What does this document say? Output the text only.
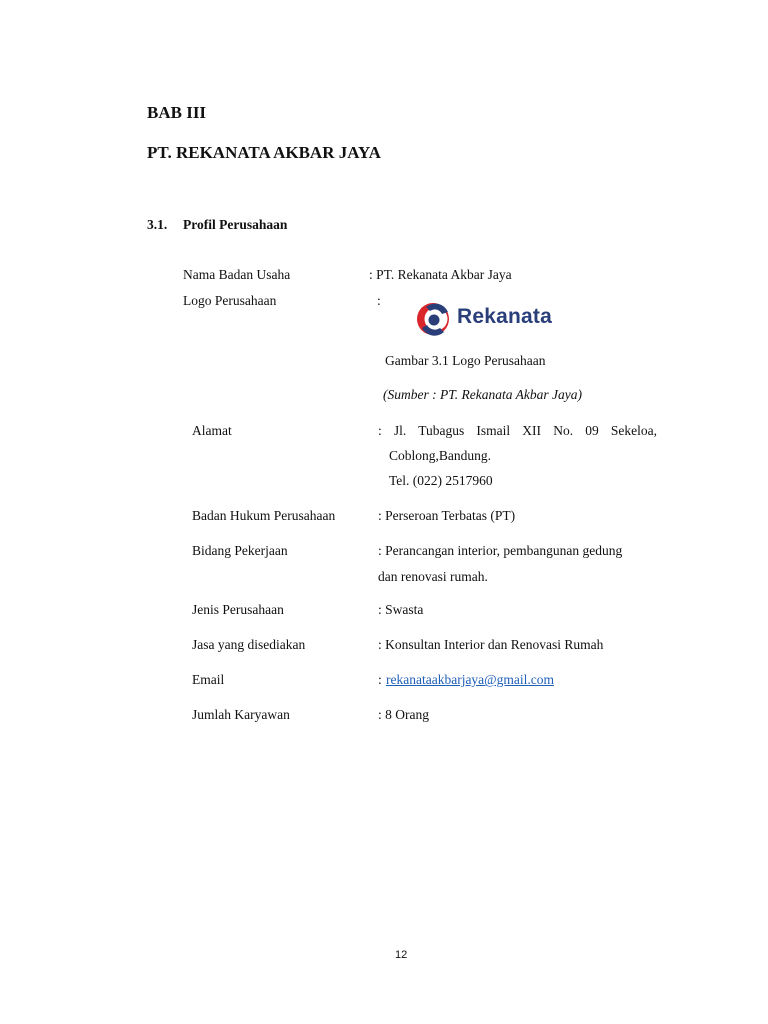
BAB III
PT. REKANATA AKBAR JAYA
3.1. Profil Perusahaan
Nama Badan Usaha	: PT. Rekanata Akbar Jaya
Logo Perusahaan	:
Rekanata
Gambar 3.1 Logo Perusahaan
(Sumber : PT. Rekanata Akbar Jaya)
Alamat	: Jl. Tubagus Ismail XII No. 09 Sekeloa,
Coblong,Bandung.
Tel. (022) 2517960
Badan Hukum Perusahaan	: Perseroan Terbatas (PT)
Bidang Pekerjaan	: Perancangan interior, pembangunan gedung
dan renovasi rumah.
Jenis Perusahaan	: Swasta
Jasa yang disediakan	: Konsultan Interior dan Renovasi Rumah
Email	: rekanataakbarjaya@gmail.com
Jumlah Karyawan	: 8 Orang
12
